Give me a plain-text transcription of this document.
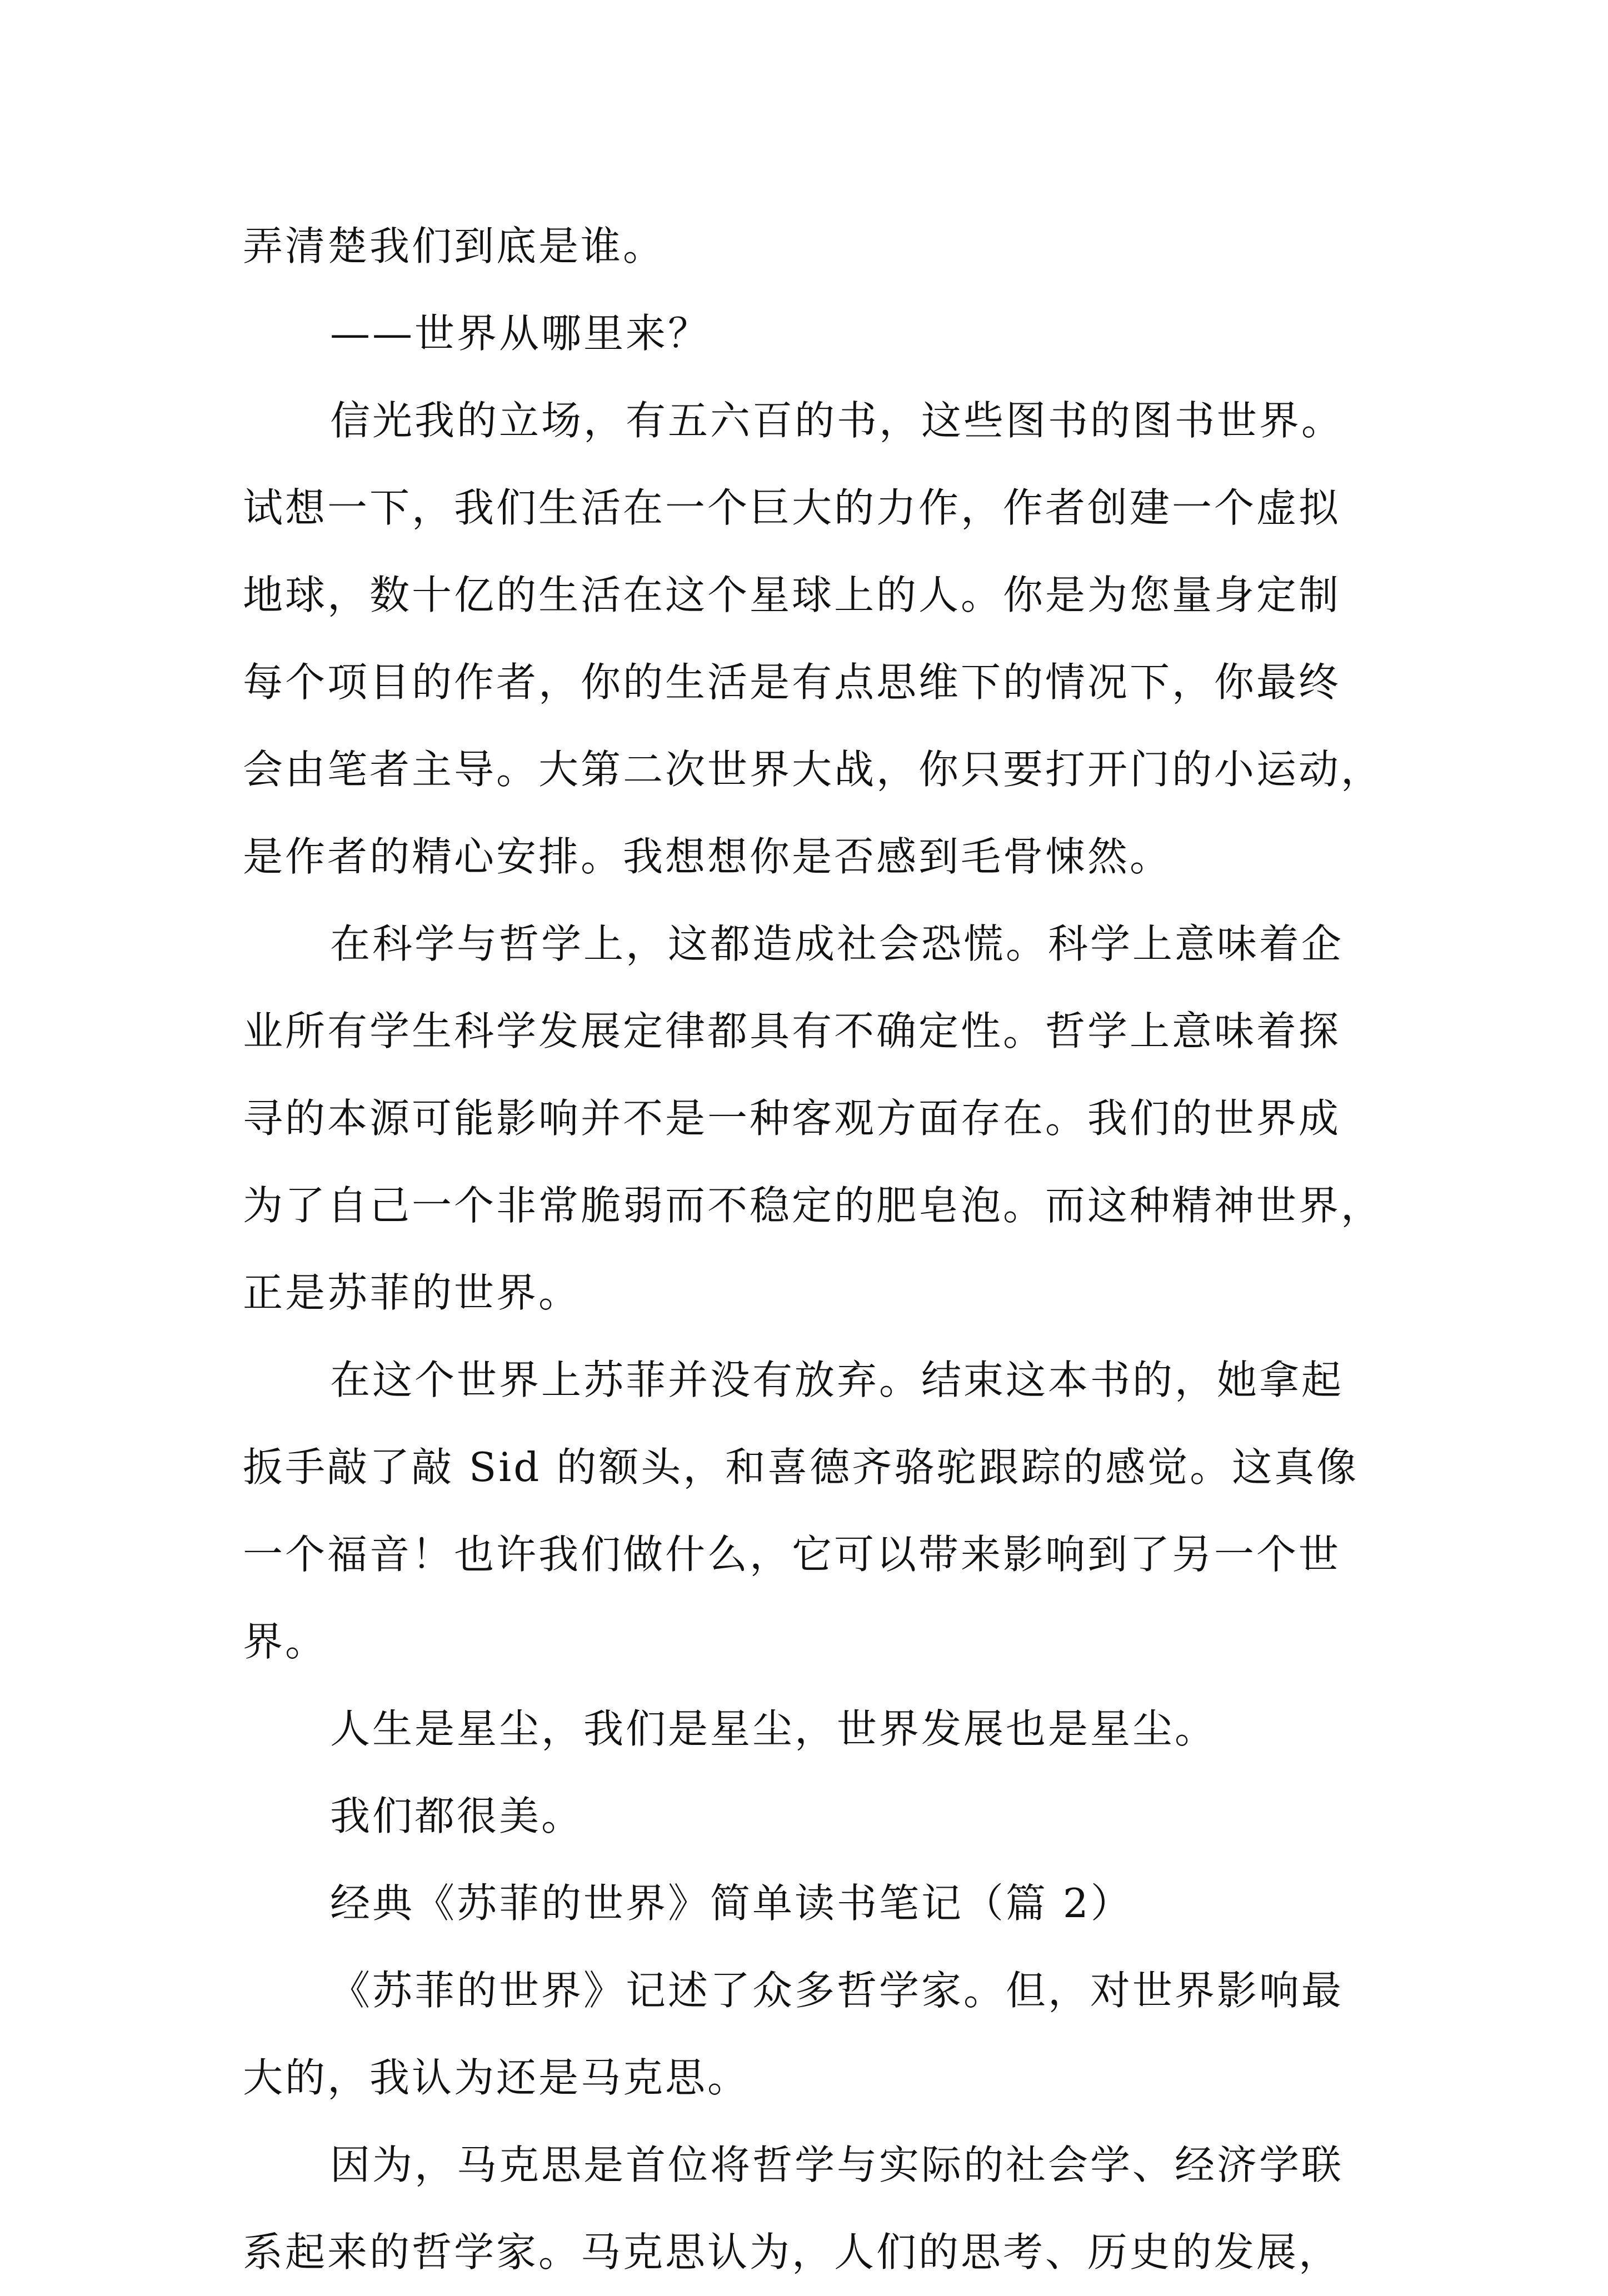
弄清楚我们到底是谁。
——世界从哪里来？
信光我的立场，有五六百的书，这些图书的图书世界。
试想一下，我们生活在一个巨大的力作，作者创建一个虚拟
地球，数十亿的生活在这个星球上的人。你是为您量身定制
每个项目的作者，你的生活是有点思维下的情况下，你最终
会由笔者主导。大第二次世界大战，你只要打开门的小运动，
是作者的精心安排。我想想你是否感到毛骨悚然。
在科学与哲学上，这都造成社会恐慌。科学上意味着企
业所有学生科学发展定律都具有不确定性。哲学上意味着探
寻的本源可能影响并不是一种客观方面存在。我们的世界成
为了自己一个非常脆弱而不稳定的肥皂泡。而这种精神世界，
正是苏菲的世界。
在这个世界上苏菲并没有放弃。结束这本书的，她拿起
扳手敲了敲 Sid 的额头，和喜德齐骆驼跟踪的感觉。这真像
一个福音！也许我们做什么，它可以带来影响到了另一个世
界。
人生是星尘，我们是星尘，世界发展也是星尘。
我们都很美。
经典《苏菲的世界》简单读书笔记（篇 2）
《苏菲的世界》记述了众多哲学家。但，对世界影响最
大的，我认为还是马克思。
因为，马克思是首位将哲学与实际的社会学、经济学联
系起来的哲学家。马克思认为，人们的思考、历史的发展，
